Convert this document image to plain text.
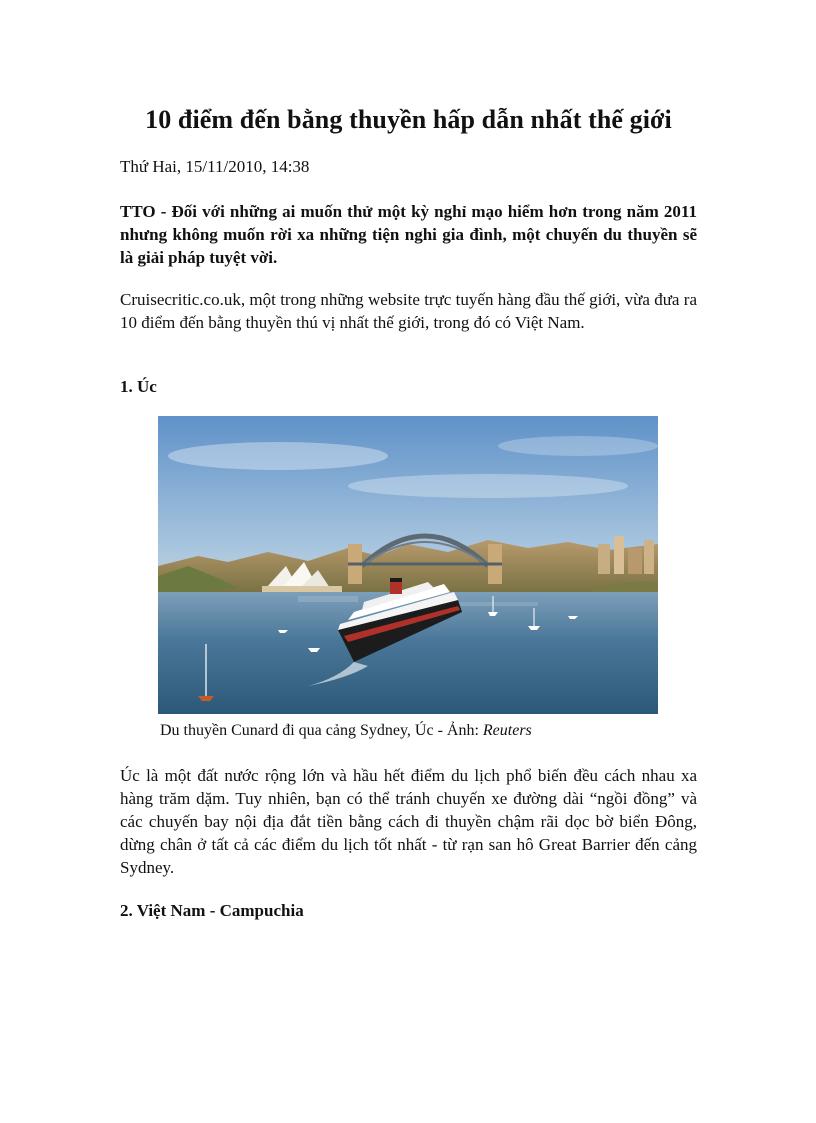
10 điểm đến bằng thuyền hấp dẫn nhất thế giới
Thứ Hai, 15/11/2010, 14:38

TTO - Đối với những ai muốn thử một kỳ nghỉ mạo hiểm hơn trong năm 2011 nhưng không muốn rời xa những tiện nghi gia đình, một chuyến du thuyền sẽ là giải pháp tuyệt vời.

Cruisecritic.co.uk, một trong những website trực tuyến hàng đầu thế giới, vừa đưa ra 10 điểm đến bằng thuyền thú vị nhất thế giới, trong đó có Việt Nam.

1. Úc
Du thuyền Cunard đi qua cảng Sydney, Úc - Ảnh: Reuters

Úc là một đất nước rộng lớn và hầu hết điểm du lịch phổ biến đều cách nhau xa hàng trăm dặm. Tuy nhiên, bạn có thể tránh chuyến xe đường dài “ngồi đồng” và các chuyến bay nội địa đắt tiền bằng cách đi thuyền chậm rãi dọc bờ biển Đông, dừng chân ở tất cả các điểm du lịch tốt nhất - từ rạn san hô Great Barrier đến cảng Sydney.

2. Việt Nam - Campuchia
